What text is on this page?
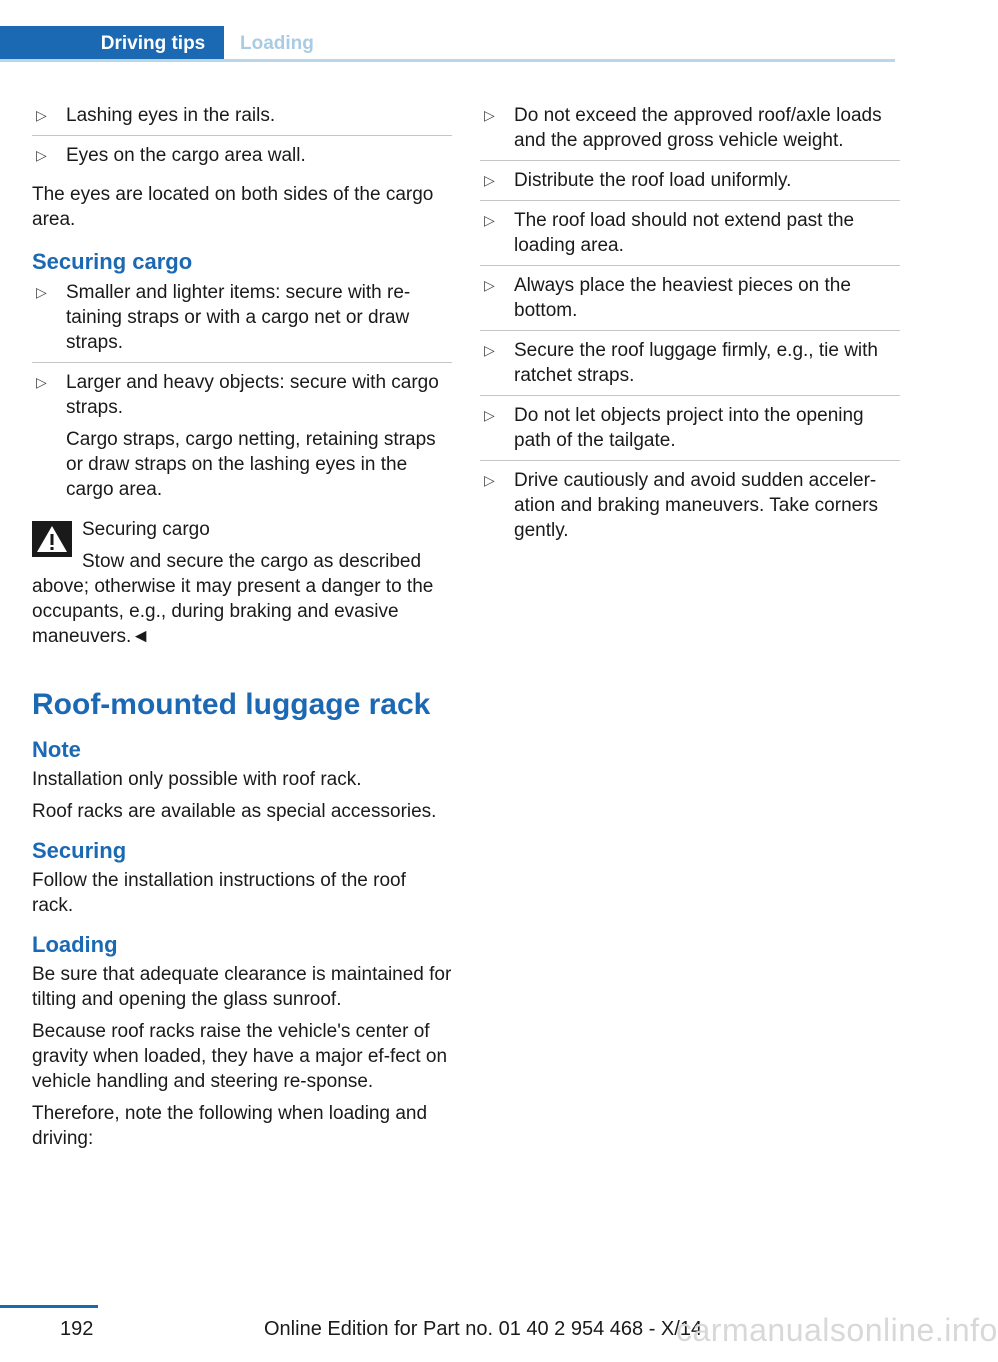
Driving tips	Loading
▷ Lashing eyes in the rails.
▷ Eyes on the cargo area wall.

The eyes are located on both sides of the cargo area.

Securing cargo
▷ Smaller and lighter items: secure with re‐taining straps or with a cargo net or draw straps.
▷ Larger and heavy objects: secure with cargo straps.
Cargo straps, cargo netting, retaining straps or draw straps on the lashing eyes in the cargo area.
Securing cargo
Stow and secure the cargo as described above; otherwise it may present a danger to the occupants, e.g., during braking and evasive maneuvers.◄
Roof-mounted luggage rack
Note

Installation only possible with roof rack.

Roof racks are available as special accessories.

Securing

Follow the installation instructions of the roof rack.

Loading

Be sure that adequate clearance is maintained for tilting and opening the glass sunroof.

Because roof racks raise the vehicle's center of gravity when loaded, they have a major ef‐fect on vehicle handling and steering re‐sponse.

Therefore, note the following when loading and driving:

▷ Do not exceed the approved roof/axle loads and the approved gross vehicle weight.
▷ Distribute the roof load uniformly.
▷ The roof load should not extend past the loading area.
▷ Always place the heaviest pieces on the bottom.
▷ Secure the roof luggage firmly, e.g., tie with ratchet straps.
▷ Do not let objects project into the opening path of the tailgate.
▷ Drive cautiously and avoid sudden acceler‐ation and braking maneuvers. Take corners gently.
192	Online Edition for Part no. 01 40 2 954 468 - X/14
carmanualsonline.info
